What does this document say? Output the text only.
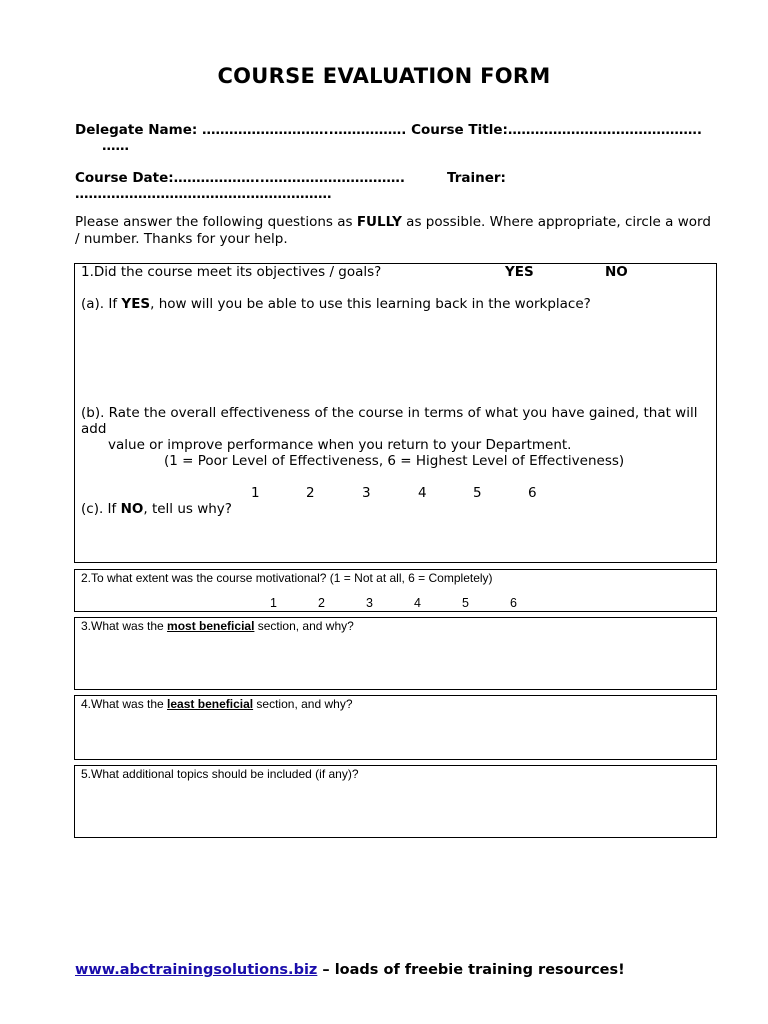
COURSE EVALUATION FORM
Delegate Name: ………………………..……………. Course Title:…………………………………….
……
Course Date:………………..………………………….	Trainer:
…………………………………………………
Please answer the following questions as FULLY as possible. Where appropriate, circle a word / number. Thanks for your help.
1.Did the course meet its objectives / goals?	YES	NO
(a). If YES, how will you be able to use this learning back in the workplace?
(b). Rate the overall effectiveness of the course in terms of what you have gained, that will add
value or improve performance when you return to your Department.
(1 = Poor Level of Effectiveness, 6 = Highest Level of Effectiveness)
1	2	3	4	5	6
(c). If NO, tell us why?
2.To what extent was the course motivational? (1 = Not at all, 6 = Completely)
1	2	3	4	5	6
3.What was the most beneficial section, and why?
4.What was the least beneficial section, and why?
5.What additional topics should be included (if any)?
www.abctrainingsolutions.biz – loads of freebie training resources!
